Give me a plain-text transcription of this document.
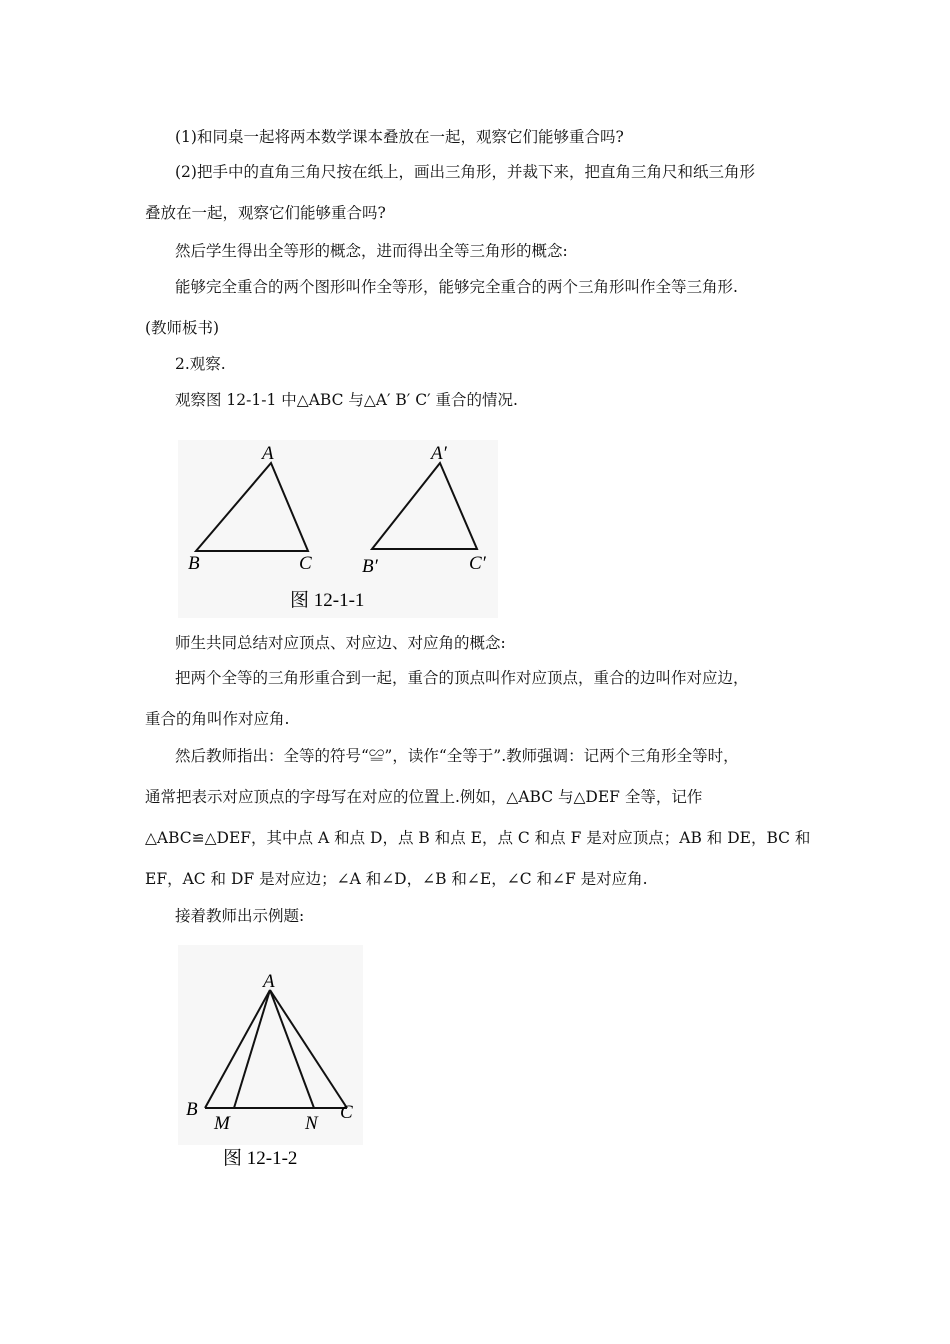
(1)和同桌一起将两本数学课本叠放在一起，观察它们能够重合吗?
(2)把手中的直角三角尺按在纸上，画出三角形，并裁下来，把直角三角尺和纸三角形
叠放在一起，观察它们能够重合吗?
然后学生得出全等形的概念，进而得出全等三角形的概念:
能够完全重合的两个图形叫作全等形，能够完全重合的两个三角形叫作全等三角形.
(教师板书)
2.观察.
观察图 12-1-1 中△ABC 与△A′ B′ C′ 重合的情况.
A
B	C
A′
B′	C′
图 12-1-1
师生共同总结对应顶点、对应边、对应角的概念:
把两个全等的三角形重合到一起，重合的顶点叫作对应顶点，重合的边叫作对应边，
重合的角叫作对应角.
然后教师指出：全等的符号“≌”，读作“全等于”.教师强调：记两个三角形全等时，
通常把表示对应顶点的字母写在对应的位置上.例如，△ABC 与△DEF 全等，记作
△ABC≌△DEF，其中点 A 和点 D，点 B 和点 E，点 C 和点 F 是对应顶点；AB 和 DE，BC 和
EF，AC 和 DF 是对应边；∠A 和∠D，∠B 和∠E，∠C 和∠F 是对应角.
接着教师出示例题:
A
B
M	N
C
图 12-1-2
